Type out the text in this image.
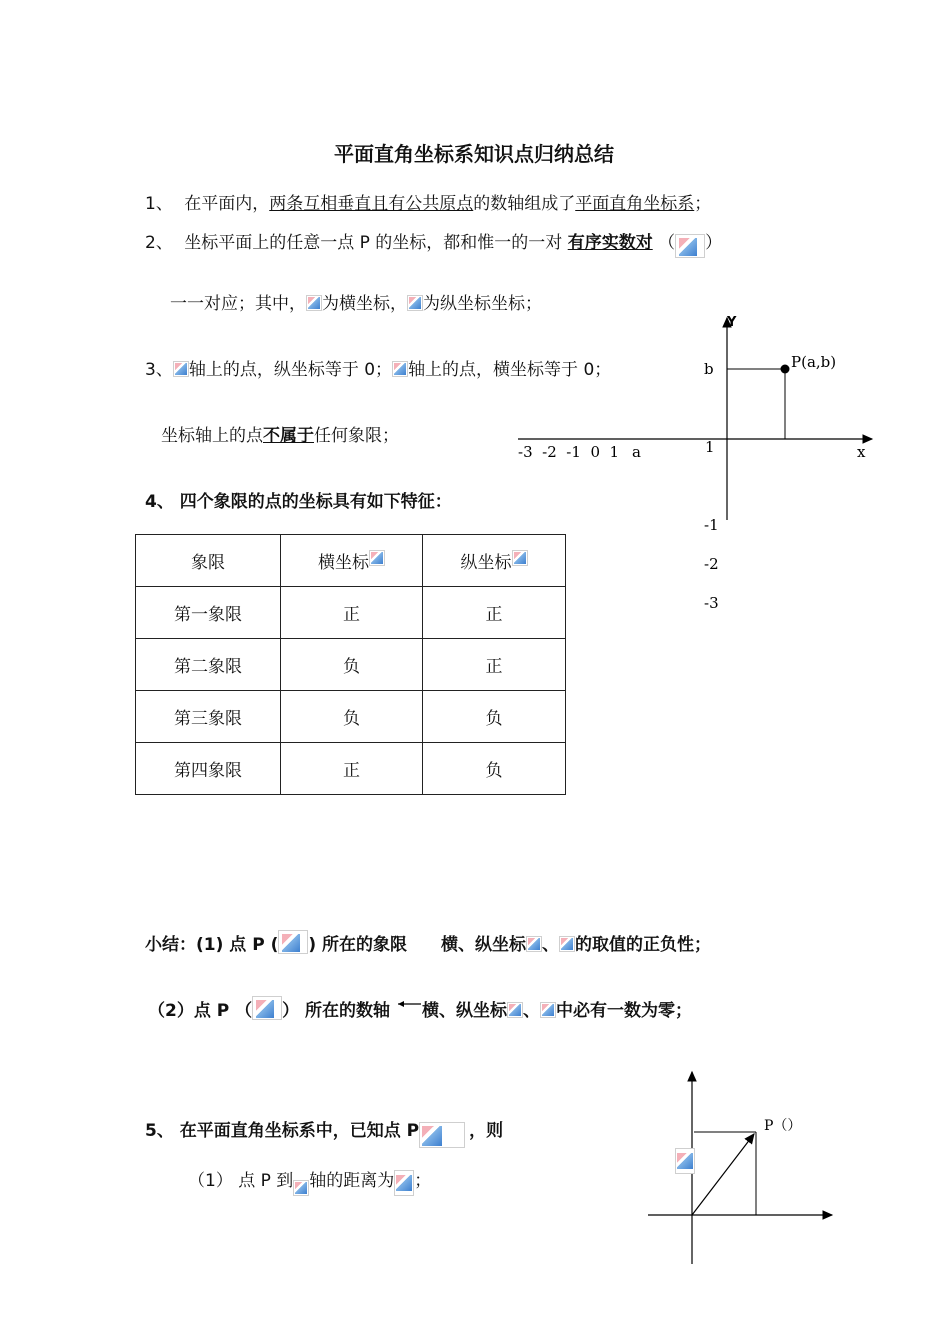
平面直角坐标系知识点归纳总结
1、 在平面内，两条互相垂直且有公共原点的数轴组成了平面直角坐标系；
2、 坐标平面上的任意一点 P 的坐标，都和惟一的一对 有序实数对 （ ）
一一对应；其中， 为横坐标， 为纵坐标坐标；
3、 轴上的点，纵坐标等于 0； 轴上的点，横坐标等于 0；
坐标轴上的点不属于任何象限；
4、 四个象限的点的坐标具有如下特征：
象限	横坐标	纵坐标
第一象限	正	正
第二象限	负	正
第三象限	负	负
第四象限	正	负
Y
x
P(a,b)
b
a
-3  -2  -1  0  1	1
-1
-2
-3
小结：(1) 点 P ( ) 所在的象限 横、纵坐标 、 的取值的正负性；
（2）点 P （ ） 所在的数轴 横、纵坐标 、 中必有一数为零；
5、 在平面直角坐标系中，已知点 P	，则
（1） 点 P 到 轴的距离为 ；
P（）
